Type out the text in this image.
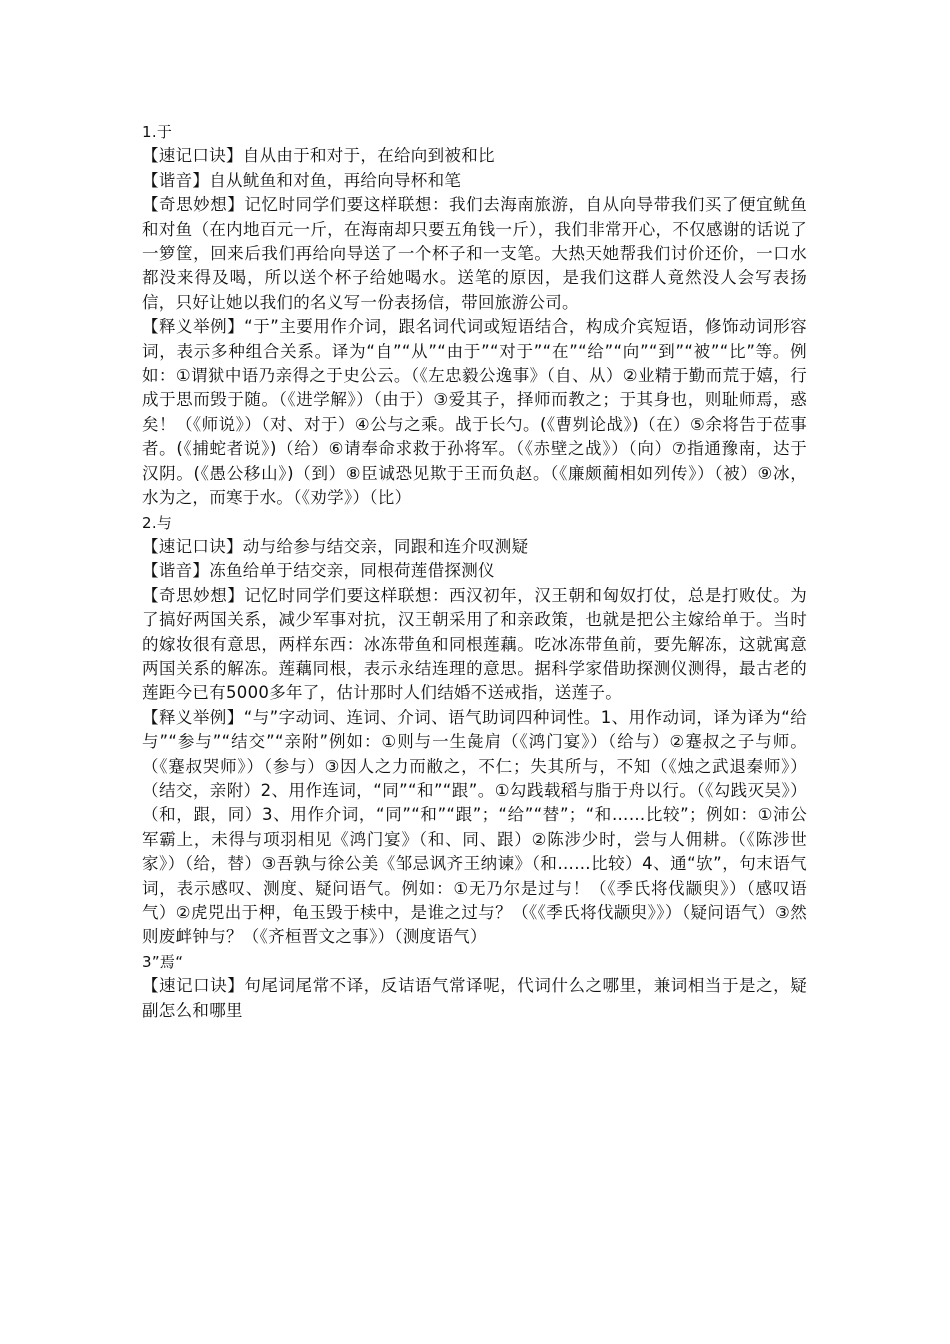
1.于

【速记口诀】自从由于和对于，在给向到被和比

【谐音】自从鱿鱼和对鱼，再给向导杯和笔

【奇思妙想】记忆时同学们要这样联想：我们去海南旅游，自从向导带我们买了便宜鱿鱼和对鱼（在内地百元一斤，在海南却只要五角钱一斤），我们非常开心，不仅感谢的话说了一箩筐，回来后我们再给向导送了一个杯子和一支笔。大热天她帮我们讨价还价，一口水都没来得及喝，所以送个杯子给她喝水。送笔的原因，是我们这群人竟然没人会写表扬信，只好让她以我们的名义写一份表扬信，带回旅游公司。

【释义举例】“于”主要用作介词，跟名词代词或短语结合，构成介宾短语，修饰动词形容词，表示多种组合关系。译为“自”“从”“由于”“对于”“在”“给”“向”“到”“被”“比”等。例如：①谓狱中语乃亲得之于史公云。（《左忠毅公逸事》（自、从）②业精于勤而荒于嬉，行成于思而毁于随。（《进学解》）（由于）③爱其子，择师而教之；于其身也，则耻师焉，惑矣！（《师说》）（对、对于）④公与之乘。战于长勺。(《曹刿论战》)（在）⑤余将告于莅事者。(《捕蛇者说》)（给）⑥请奉命求救于孙将军。（《赤壁之战》）（向）⑦指通豫南，达于汉阴。(《愚公移山》)（到）⑧臣诚恐见欺于王而负赵。（《廉颇蔺相如列传》）（被）⑨冰，水为之，而寒于水。（《劝学》）（比）

2.与

【速记口诀】动与给参与结交亲，同跟和连介叹测疑

【谐音】冻鱼给单于结交亲，同根荷莲借探测仪

【奇思妙想】记忆时同学们要这样联想：西汉初年，汉王朝和匈奴打仗，总是打败仗。为了搞好两国关系，减少军事对抗，汉王朝采用了和亲政策，也就是把公主嫁给单于。当时的嫁妆很有意思，两样东西：冰冻带鱼和同根莲藕。吃冰冻带鱼前，要先解冻，这就寓意两国关系的解冻。莲藕同根，表示永结连理的意思。据科学家借助探测仪测得，最古老的莲距今已有5000多年了，估计那时人们结婚不送戒指，送莲子。

【释义举例】“与”字动词、连词、介词、语气助词四种词性。1、用作动词，译为译为“给与”“参与”“结交”“亲附”例如：①则与一生彘肩（《鸿门宴》）（给与）②蹇叔之子与师。（《蹇叔哭师》）（参与）③因人之力而敝之，不仁；失其所与，不知（《烛之武退秦师》）（结交，亲附）2、用作连词，“同”“和”“跟”。①勾践载稻与脂于舟以行。（《勾践灭吴》）（和，跟，同）3、用作介词，“同”“和”“跟”；“给”“替”；“和……比较”；例如：①沛公军霸上，未得与项羽相见《鸿门宴》（和、同、跟）②陈涉少时，尝与人佣耕。（《陈涉世家》）（给，替）③吾孰与徐公美《邹忌讽齐王纳谏》（和……比较）4、通“欤”，句末语气词，表示感叹、测度、疑问语气。例如：①无乃尔是过与！（《季氏将伐颛臾》）（感叹语气）②虎兕出于柙，龟玉毁于椟中，是谁之过与？（《《季氏将伐颛臾》》）（疑问语气）③然则废衅钟与？（《齐桓晋文之事》）（测度语气）

3”焉“

【速记口诀】句尾词尾常不译，反诘语气常译呢，代词什么之哪里，兼词相当于是之，疑副怎么和哪里
